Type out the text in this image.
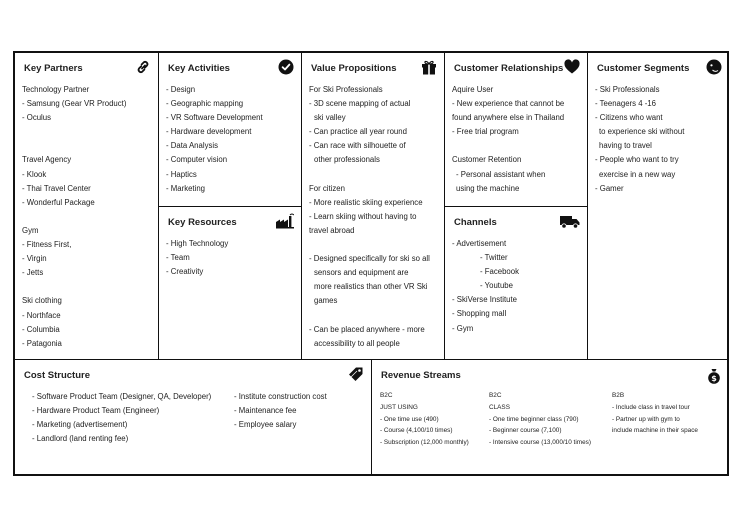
Key Partners
Technology Partner
- Samsung (Gear VR Product)
- Oculus
Travel Agency
- Klook
- Thai Travel Center
- Wonderful Package
Gym
- Fitness First,
- Virgin
- Jetts
Ski clothing
- Northface
- Columbia
- Patagonia
Key Activities
- Design
- Geographic mapping
- VR Software Development
- Hardware development
- Data Analysis
- Computer vision
- Haptics
- Marketing
Key Resources
- High Technology
- Team
- Creativity
Value Propositions
For Ski Professionals
- 3D scene mapping of actual
ski valley
- Can practice all year round
- Can race with silhouette of
other professionals
For citizen
- More realistic skiing experience
- Learn skiing without having to
travel abroad
- Designed specifically for ski so all
sensors and equipment are
more realistics than other VR Ski
games
- Can be placed anywhere - more
accessibility to all people
Customer Relationships
Aquire User
- New experience that cannot be
found anywhere else in Thailand
- Free trial program
Customer Retention
- Personal assistant when
using the machine
Channels
- Advertisement
- Twitter
- Facebook
- Youtube
- SkiVerse Institute
- Shopping mall
- Gym
Customer Segments
- Ski Professionals
- Teenagers 4 -16
- Citizens who want
to experience ski without
having to travel
- People who want to try
exercise in a new way
- Gamer
Cost Structure
- Software Product Team (Designer, QA, Developer)
- Hardware Product Team (Engineer)
- Marketing (advertisement)
- Landlord (land renting fee)
- Institute construction cost
- Maintenance fee
- Employee salary
Revenue Streams	$
B2C
JUST USING
- One time use (490)
- Course (4,100/10 times)
- Subscription (12,000 monthly)
B2C
CLASS
- One time beginner class (790)
- Beginner course (7,100)
- Intensive course (13,000/10 times)
B2B
- Include class in travel tour
- Partner up with gym to
include machine in their space
